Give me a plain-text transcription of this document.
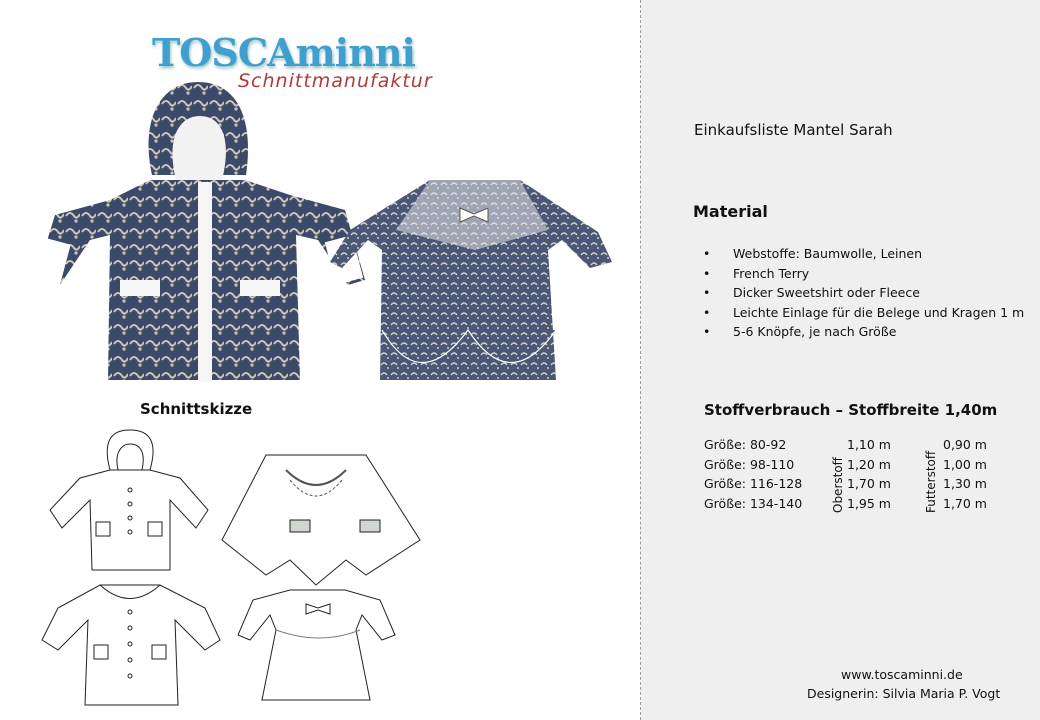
TOSCAminni
Schnittmanufaktur
Schnittskizze
Einkaufsliste Mantel Sarah
Material
• Webstoffe: Baumwolle, Leinen
• French Terry
• Dicker Sweetshirt oder Fleece
• Leichte Einlage für die Belege und Kragen 1 m
• 5-6 Knöpfe, je nach Größe
Stoffverbrauch – Stoffbreite 1,40m
Größe: 80-92
Größe: 98-110
Größe: 116-128
Größe: 134-140 Oberstoff
1,10 m
1,20 m
1,70 m
1,95 m	Futterstoff
0,90 m
1,00 m
1,30 m
1,70 m
www.toscaminni.de
Designerin: Silvia Maria P. Vogt
